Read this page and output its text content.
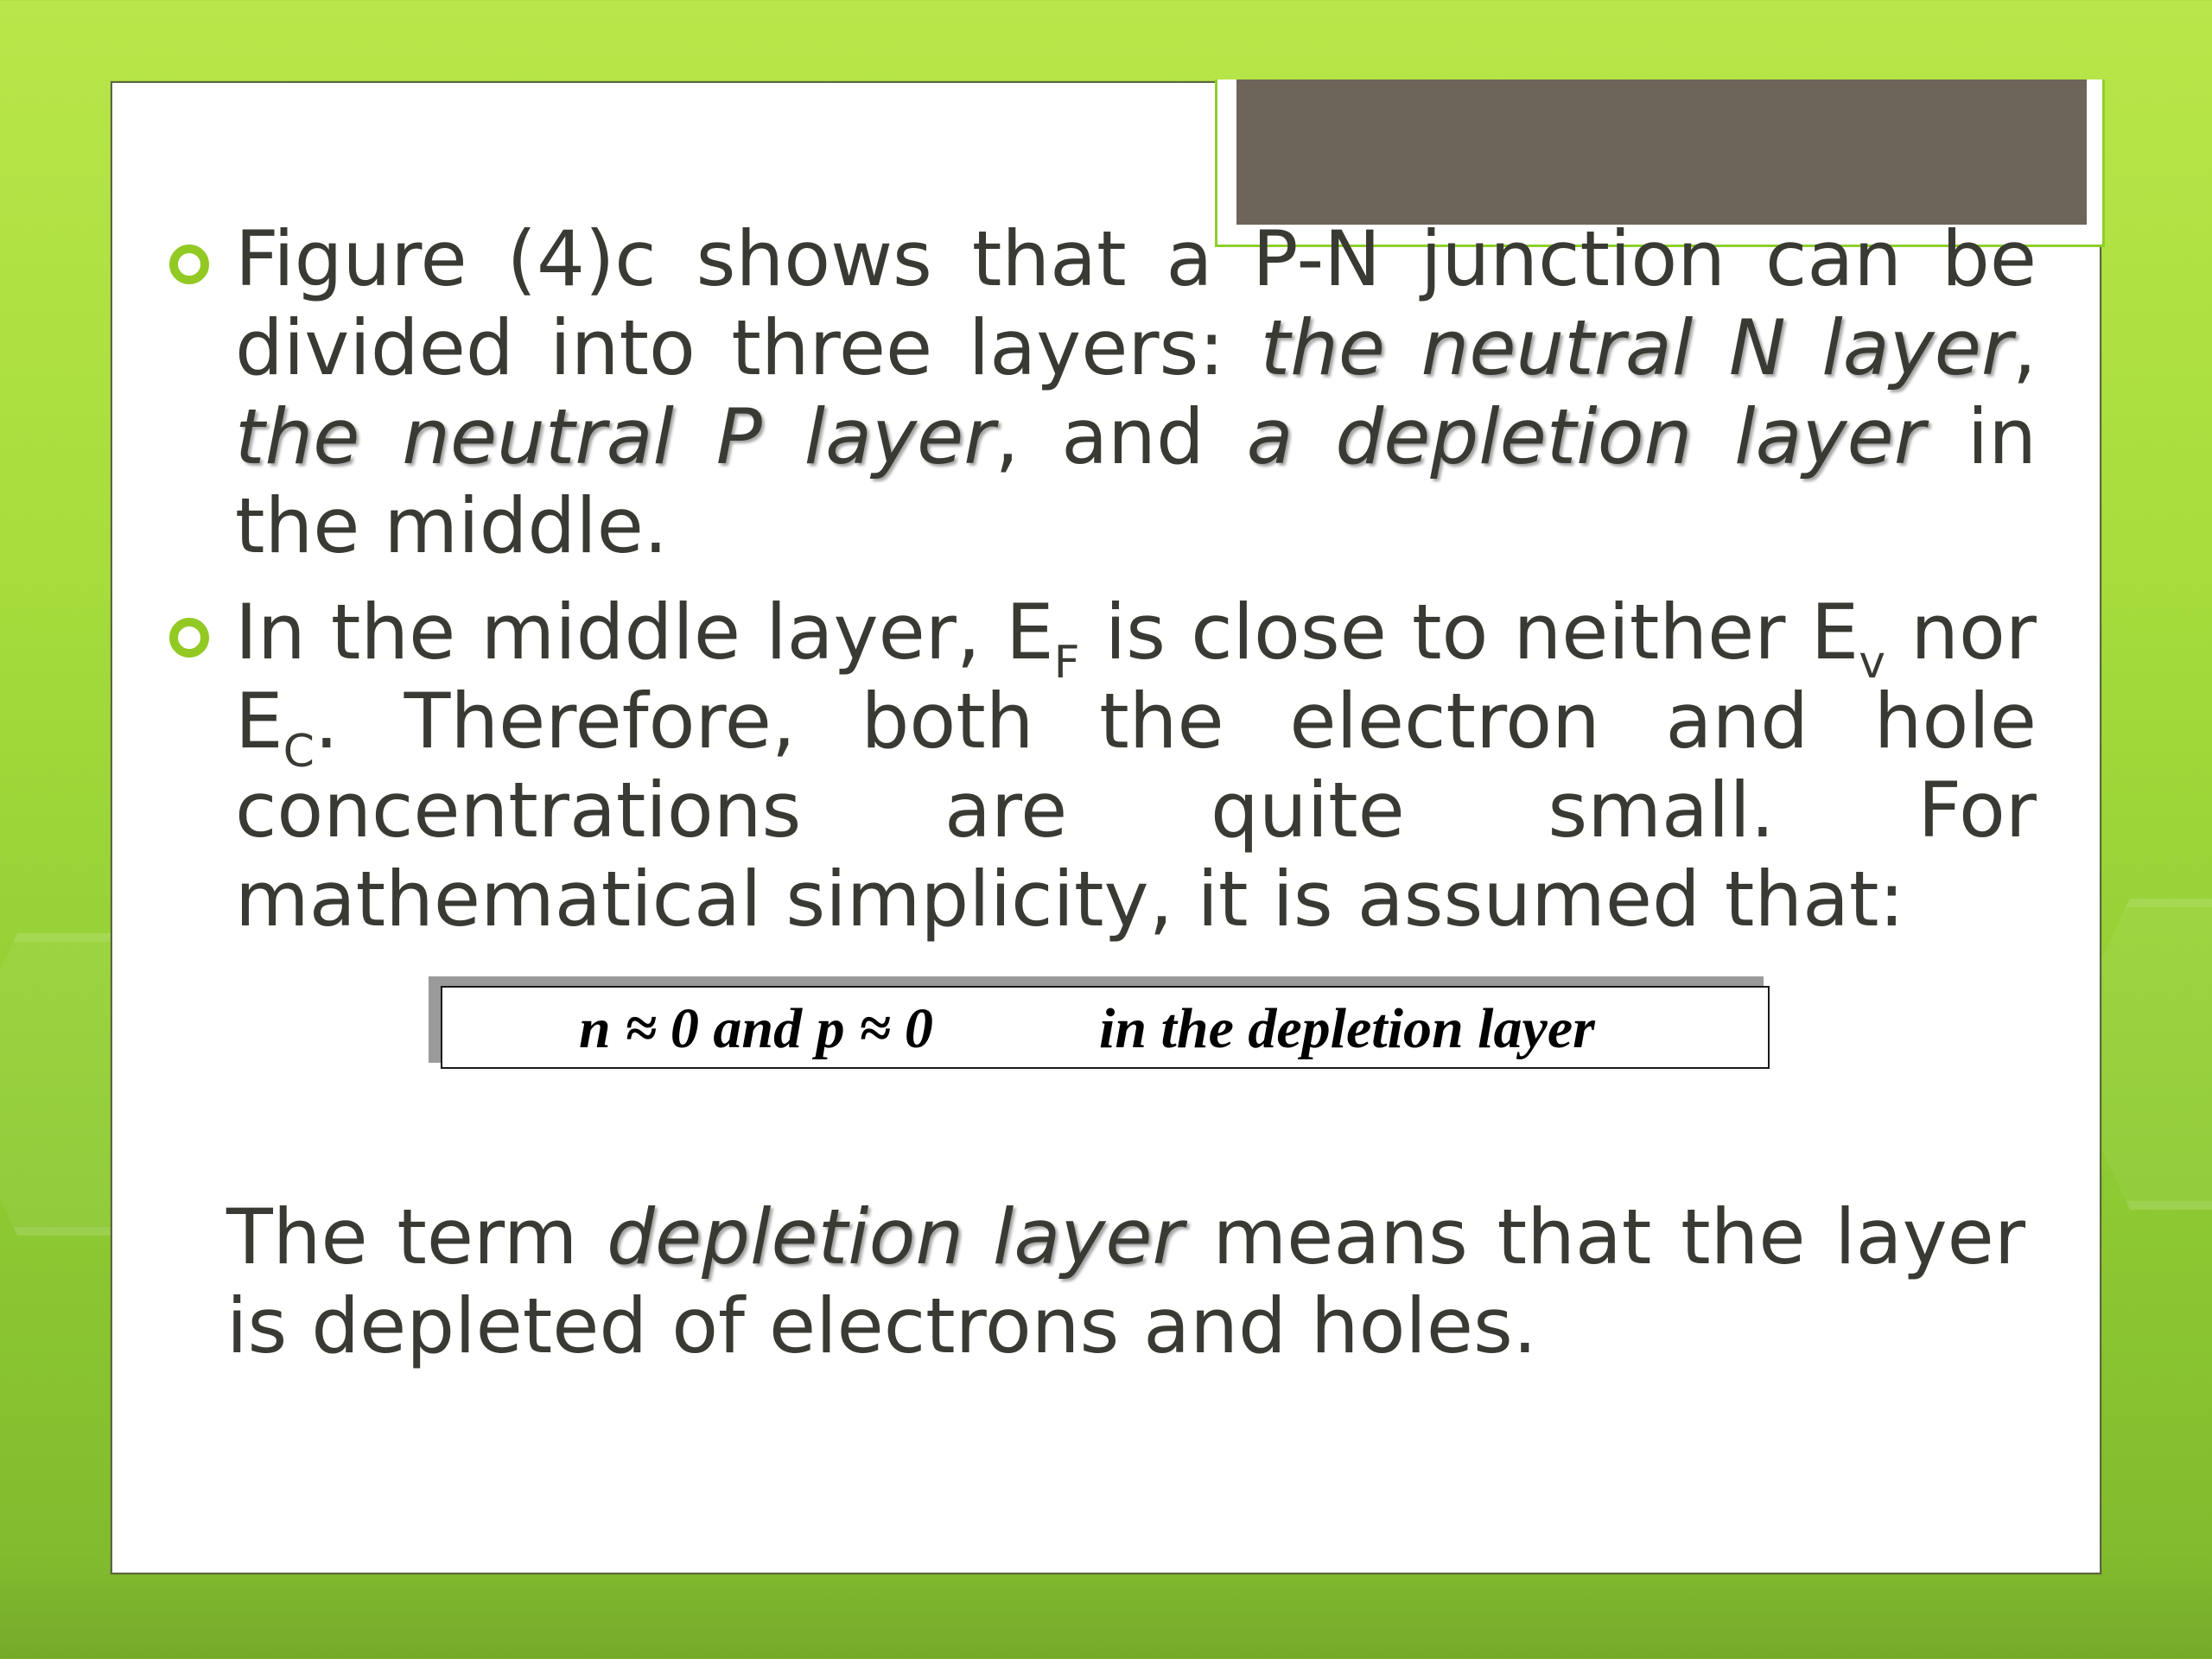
Figure (4)c shows that a P-N junction can be divided into three layers: the neutral N layer, the neutral P layer, and a depletion layer in the middle.
In the middle layer, $E_F$ is close to neither $E_v$ nor $E_C$. Therefore, both the electron and hole concentrations are quite small. For mathematical simplicity, it is assumed that:
n ≈ 0 and p ≈ 0	in the depletion layer
The term depletion layer means that the layer is depleted of electrons and holes.
